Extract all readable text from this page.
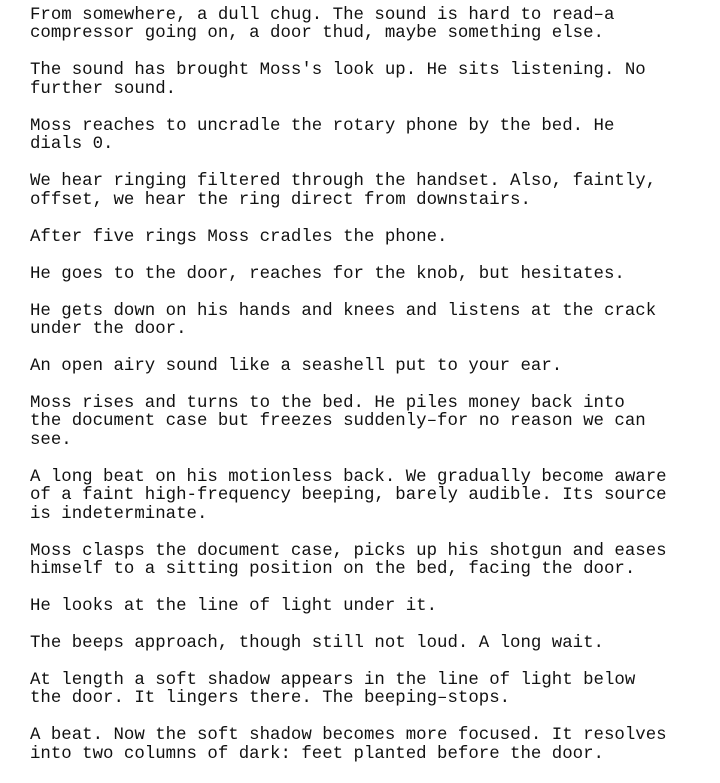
From somewhere, a dull chug. The sound is hard to read–a
compressor going on, a door thud, maybe something else.

The sound has brought Moss's look up. He sits listening. No
further sound.

Moss reaches to uncradle the rotary phone by the bed. He
dials 0.

We hear ringing filtered through the handset. Also, faintly,
offset, we hear the ring direct from downstairs.

After five rings Moss cradles the phone.

He goes to the door, reaches for the knob, but hesitates.

He gets down on his hands and knees and listens at the crack
under the door.

An open airy sound like a seashell put to your ear.

Moss rises and turns to the bed. He piles money back into
the document case but freezes suddenly–for no reason we can
see.

A long beat on his motionless back. We gradually become aware
of a faint high-frequency beeping, barely audible. Its source
is indeterminate.

Moss clasps the document case, picks up his shotgun and eases
himself to a sitting position on the bed, facing the door.

He looks at the line of light under it.

The beeps approach, though still not loud. A long wait.

At length a soft shadow appears in the line of light below
the door. It lingers there. The beeping–stops.

A beat. Now the soft shadow becomes more focused. It resolves
into two columns of dark: feet planted before the door.
